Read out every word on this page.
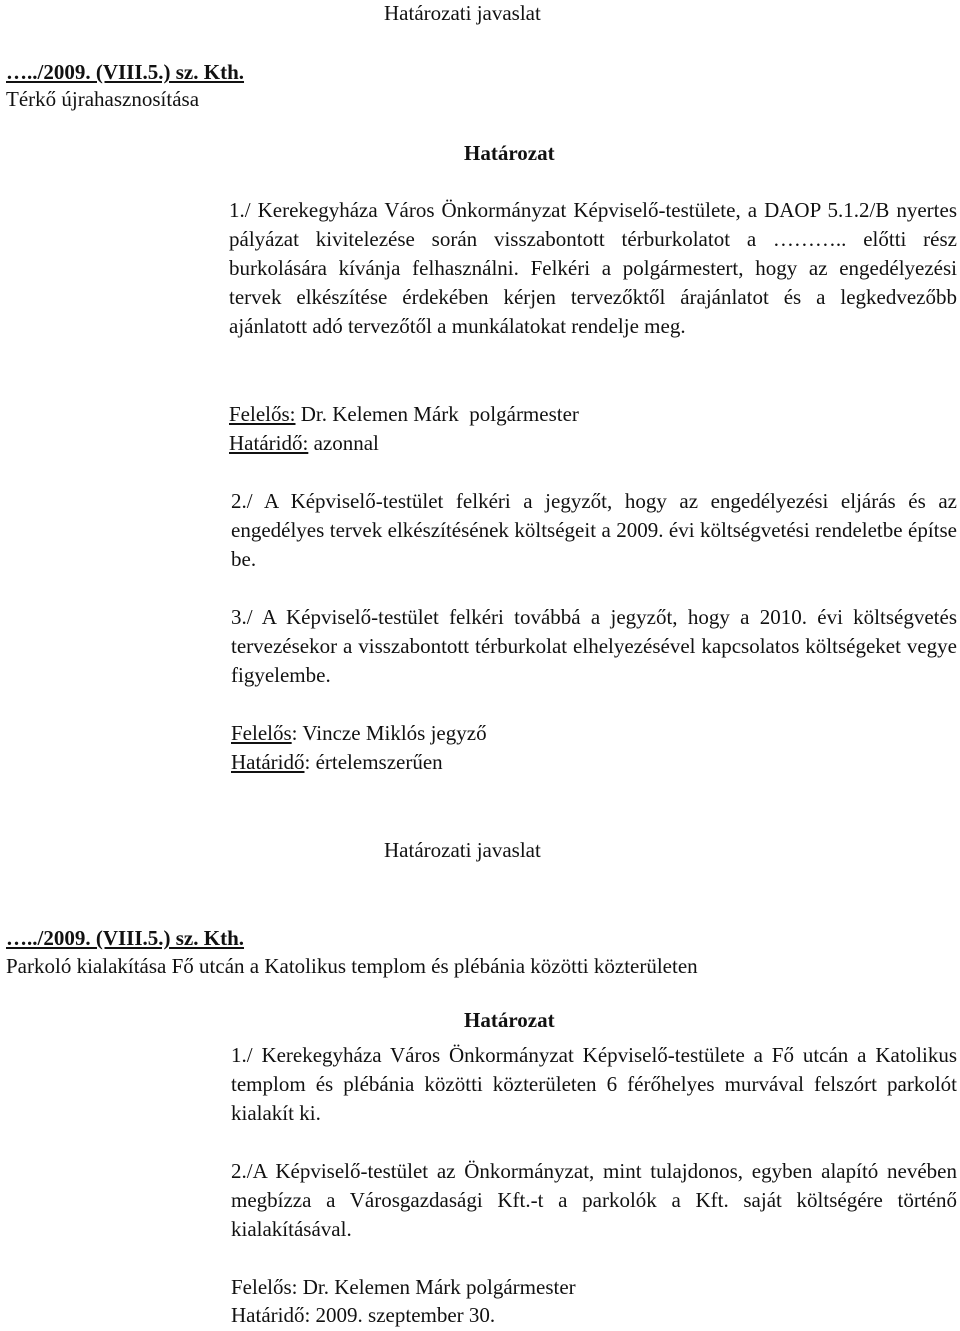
Határozati javaslat
…../2009. (VIII.5.) sz. Kth.
Térkő újrahasznosítása
Határozat

1./ Kerekegyháza Város Önkormányzat Képviselő-testülete, a DAOP 5.1.2/B nyertes pályázat kivitelezése során visszabontott térburkolatot a ……….. előtti rész burkolására kívánja felhasználni. Felkéri a polgármestert, hogy az engedélyezési tervek elkészítése érdekében kérjen tervezőktől árajánlatot és a legkedvezőbb ajánlatott adó tervezőtől a munkálatokat rendelje meg.

Felelős: Dr. Kelemen Márk  polgármester
Határidő: azonnal

2./ A Képviselő-testület felkéri a jegyzőt, hogy az engedélyezési eljárás és az engedélyes tervek elkészítésének költségeit a 2009. évi költségvetési rendeletbe építse be.

3./ A Képviselő-testület felkéri továbbá a jegyzőt, hogy a 2010. évi költségvetés tervezésekor a visszabontott térburkolat elhelyezésével kapcsolatos költségeket vegye figyelembe.

Felelős: Vincze Miklós jegyző
Határidő: értelemszerűen
Határozati javaslat
…../2009. (VIII.5.) sz. Kth.
Parkoló kialakítása Fő utcán a Katolikus templom és plébánia közötti közterületen
Határozat

1./ Kerekegyháza Város Önkormányzat Képviselő-testülete a Fő utcán a Katolikus templom és plébánia közötti közterületen 6 férőhelyes murvával felszórt parkolót kialakít ki.

2./A Képviselő-testület az Önkormányzat, mint tulajdonos, egyben alapító nevében megbízza a Városgazdasági Kft.-t a parkolók a Kft. saját költségére történő kialakításával.

Felelős: Dr. Kelemen Márk polgármester
Határidő: 2009. szeptember 30.
